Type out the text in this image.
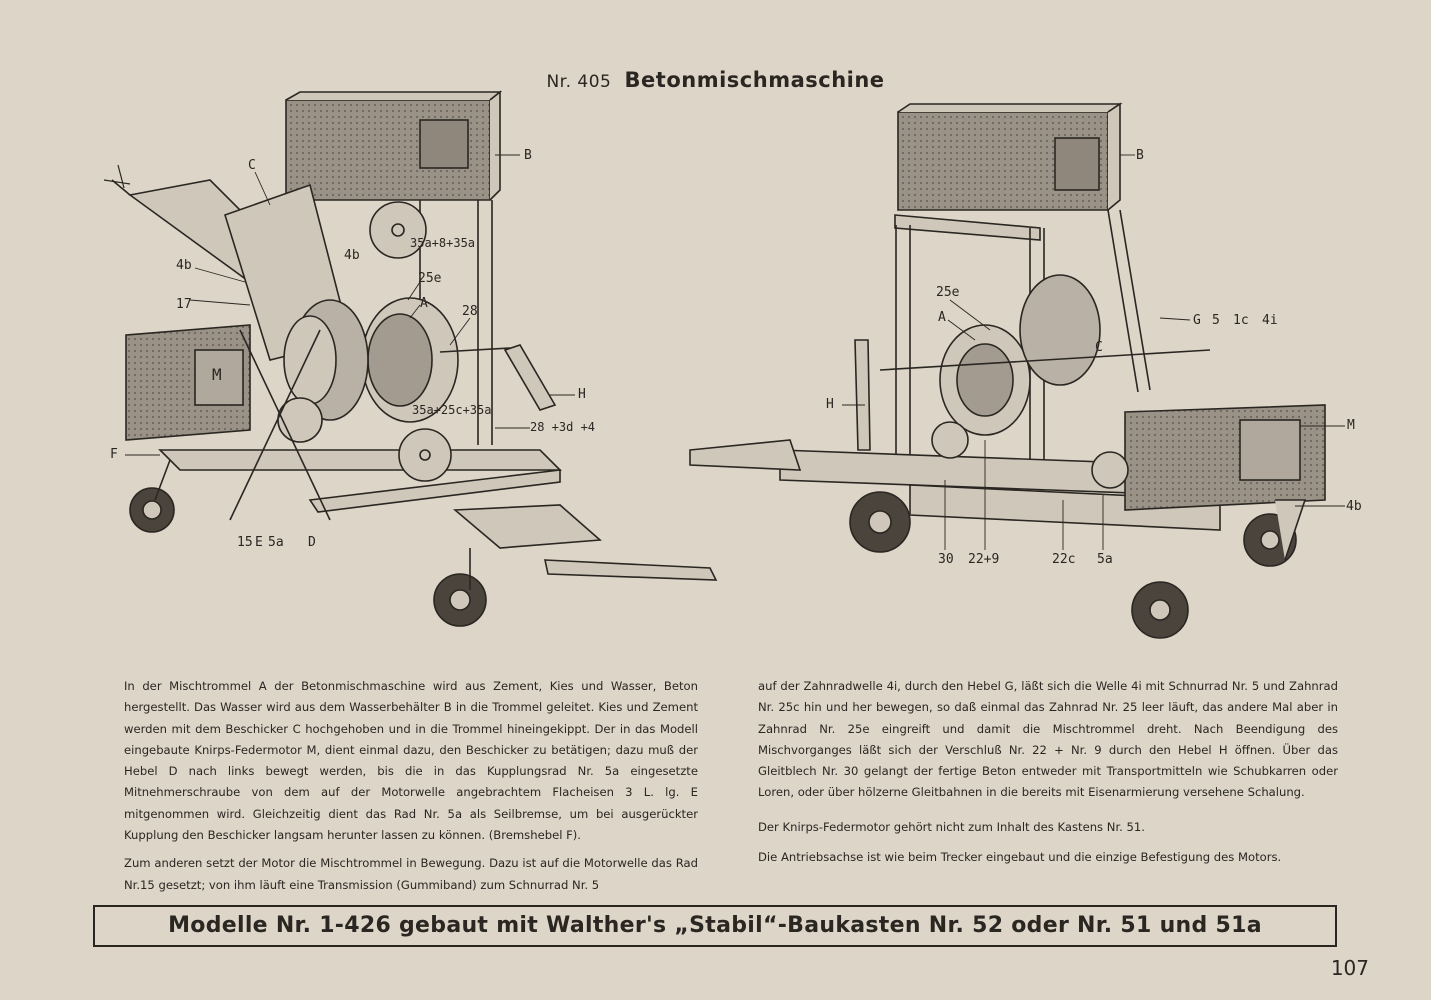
Nr. 405 Betonmischmaschine
C
B
4b
35a+8+35a
4b
25e
A
17	28
M
H
35a+25c+35a
28 +3d +4
F
15 E 5a D
B
25e
A	G 5 1c 4i
C
H
M
4b
30 22+9	22c 5a

In der Mischtrommel A der Betonmischmaschine wird aus Zement, Kies und Wasser, Beton hergestellt. Das Wasser wird aus dem Wasserbehälter B in die Trommel geleitet. Kies und Zement werden mit dem Beschicker C hochgehoben und in die Trommel hineingekippt. Der in das Modell eingebaute Knirps-Federmotor M, dient einmal dazu, den Beschicker zu betätigen; dazu muß der Hebel D nach links bewegt werden, bis die in das Kupplungsrad Nr. 5a eingesetzte Mitnehmerschraube von dem auf der Motorwelle angebrachtem Flacheisen 3 L. lg. E mitgenommen wird. Gleichzeitig dient das Rad Nr. 5a als Seilbremse, um bei ausgerückter Kupplung den Beschicker langsam herunter lassen zu können. (Bremshebel F).

Zum anderen setzt der Motor die Mischtrommel in Bewegung. Dazu ist auf die Motorwelle das Rad Nr.15 gesetzt; von ihm läuft eine Transmission (Gummiband) zum Schnurrad Nr. 5

auf der Zahnradwelle 4i, durch den Hebel G, läßt sich die Welle 4i mit Schnurrad Nr. 5 und Zahnrad Nr. 25c hin und her bewegen, so daß einmal das Zahnrad Nr. 25 leer läuft, das andere Mal aber in Zahnrad Nr. 25e eingreift und damit die Mischtrommel dreht. Nach Beendigung des Mischvorganges läßt sich der Verschluß Nr. 22 + Nr. 9 durch den Hebel H öffnen. Über das Gleitblech Nr. 30 gelangt der fertige Beton entweder mit Transportmitteln wie Schubkarren oder Loren, oder über hölzerne Gleitbahnen in die bereits mit Eisenarmierung versehene Schalung.

Der Knirps-Federmotor gehört nicht zum Inhalt des Kastens Nr. 51.

Die Antriebsachse ist wie beim Trecker eingebaut und die einzige Befestigung des Motors.

Modelle Nr. 1-426 gebaut mit Walther's „Stabil“-Baukasten Nr. 52 oder Nr. 51 und 51a
107
